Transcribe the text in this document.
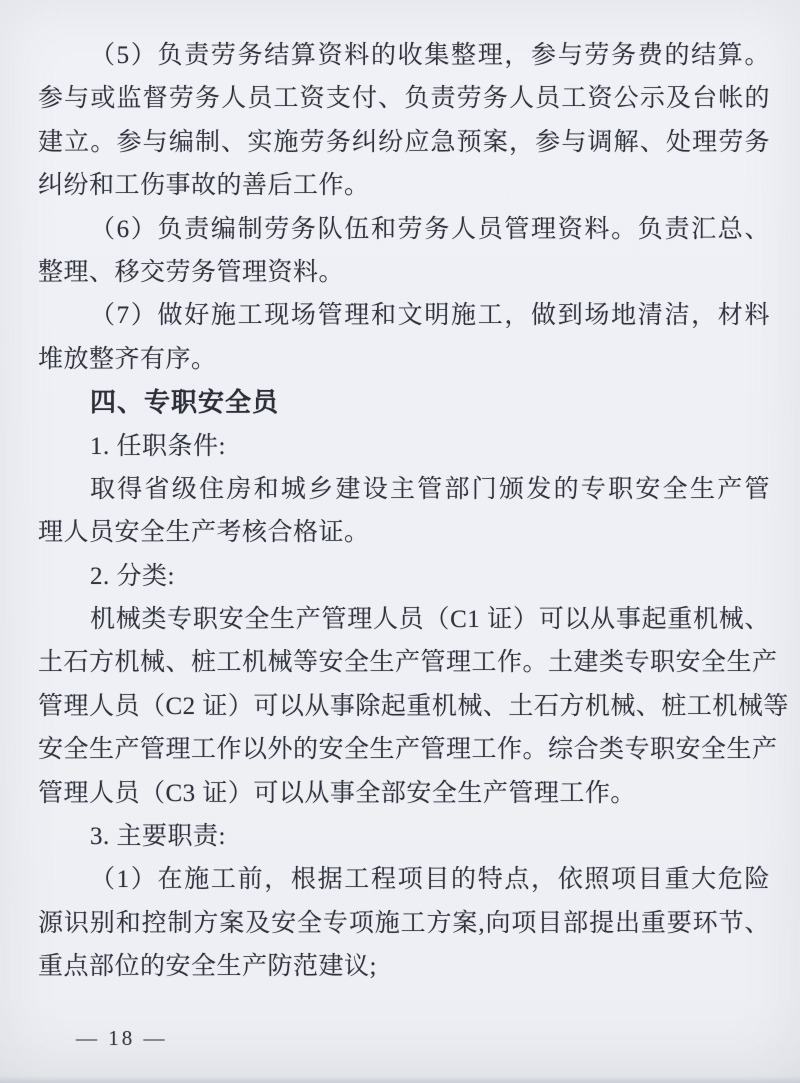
（5）负责劳务结算资料的收集整理，参与劳务费的结算。
参与或监督劳务人员工资支付、负责劳务人员工资公示及台帐的
建立。参与编制、实施劳务纠纷应急预案，参与调解、处理劳务
纠纷和工伤事故的善后工作。
（6）负责编制劳务队伍和劳务人员管理资料。负责汇总、
整理、移交劳务管理资料。
（7）做好施工现场管理和文明施工，做到场地清洁，材料
堆放整齐有序。
四、专职安全员
1. 任职条件:
取得省级住房和城乡建设主管部门颁发的专职安全生产管
理人员安全生产考核合格证。
2. 分类:
机械类专职安全生产管理人员（C1 证）可以从事起重机械、
土石方机械、桩工机械等安全生产管理工作。土建类专职安全生产
管理人员（C2 证）可以从事除起重机械、土石方机械、桩工机械等
安全生产管理工作以外的安全生产管理工作。综合类专职安全生产
管理人员（C3 证）可以从事全部安全生产管理工作。
3. 主要职责:
（1）在施工前，根据工程项目的特点，依照项目重大危险
源识别和控制方案及安全专项施工方案,向项目部提出重要环节、
重点部位的安全生产防范建议;
— 18 —
